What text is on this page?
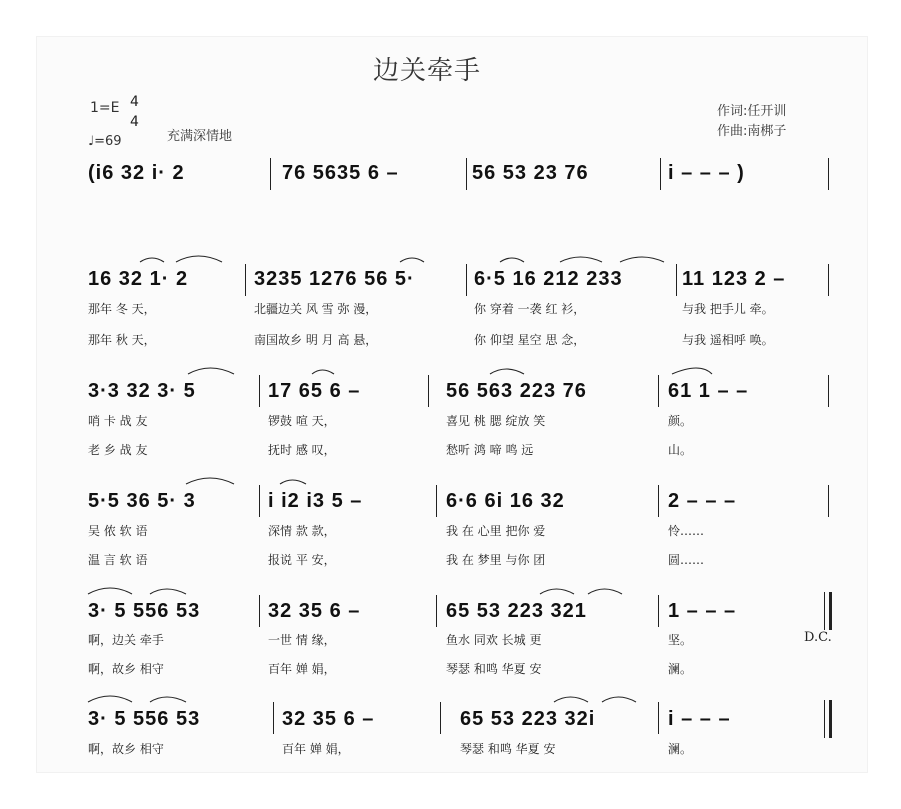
边关牵手
1=E 4
4
♩=69	充满深情地
作词:任开训
作曲:南梆子
(i6 32 i· 2	76 5635 6 –	56 53 23 76	i – – – )
16 32 1· 2	3235 1276 56 5·	6·5 16 212 233	11 123 2 –
那年 冬 天，	北疆边关 风 雪 弥 漫，	你 穿着 一袭 红 衫，	与我 把手儿 牵。
那年 秋 天，	南国故乡 明 月 高 悬，	你 仰望 星空 思 念，	与我 遥相呼 唤。
3·3 32 3· 5	17 65 6 –	56 563 223 76	61 1 – –
哨 卡 战 友	锣鼓 喧 天，	喜见 桃 腮 绽放 笑	颜。
老 乡 战 友	抚时 感 叹，	愁听 鸿 啼 鸣 远	山。
5·5 36 5· 3	i i2 i3 5 –	6·6 6i 16 32	2 – – –
吴 侬 软 语	深情 款 款，	我 在 心里 把你 爱	怜……
温 言 软 语	报说 平 安，	我 在 梦里 与你 团	圆……
3· 5 556 53	32 35 6 –	65 53 223 321	1 – – –
啊，边关 牵手	一世 情 缘，	鱼水 同欢 长城 更	坚。
啊，故乡 相守	百年 婵 娟，	琴瑟 和鸣 华夏 安	澜。
D.C.
3· 5 556 53	32 35 6 –	65 53 223 32i	i – – –
啊，故乡 相守	百年 婵 娟，	琴瑟 和鸣 华夏 安	澜。
